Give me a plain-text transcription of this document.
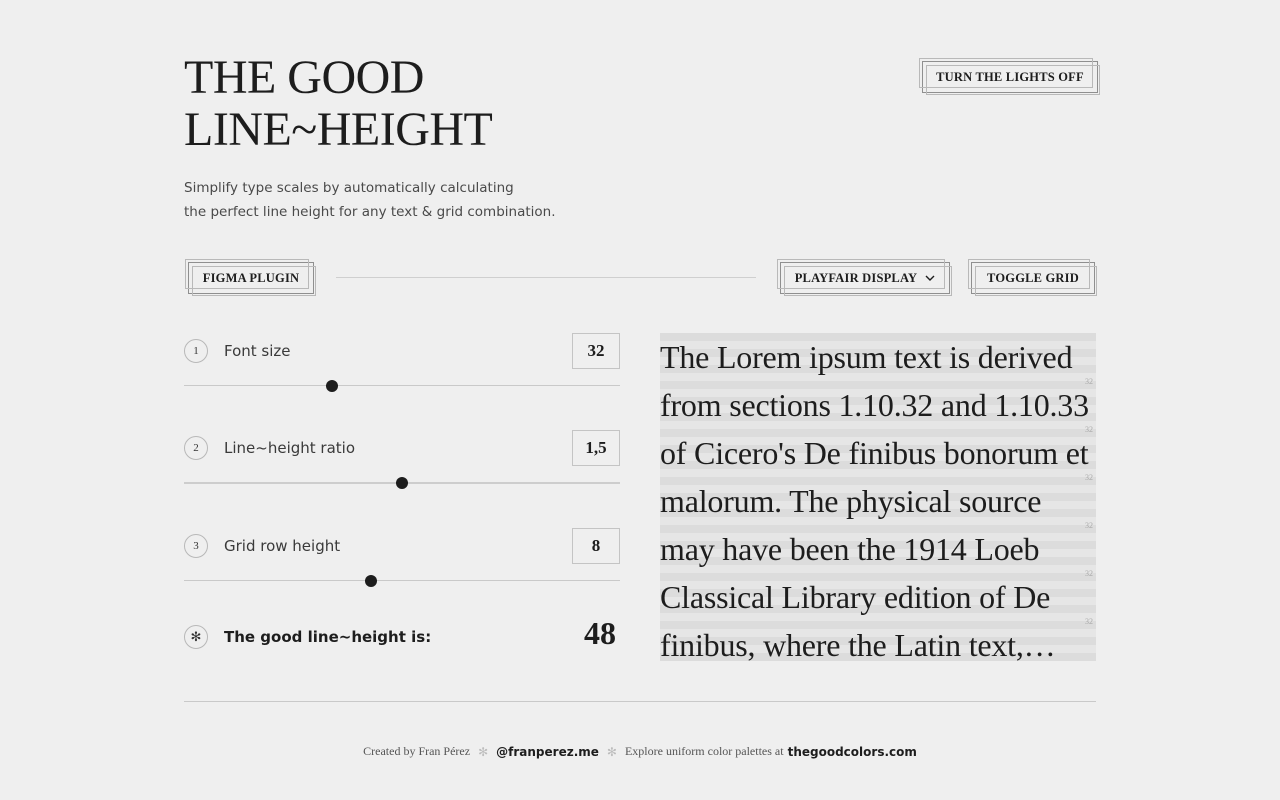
THE GOOD
LINE~HEIGHT

Simplify type scales by automatically calculating
the perfect line height for any text & grid combination.

TURN THE LIGHTS OFF
FIGMA PLUGIN	PLAYFAIR DISPLAY	TOGGLE GRID
1	Font size	32
2	Line~height ratio	1,5
3	Grid row height	8
✻	The good line~height is:	48
32
32
32
32
32
32
The Lorem ipsum text is derived
from sections 1.10.32 and 1.10.33
of Cicero's De finibus bonorum et
malorum. The physical source
may have been the 1914 Loeb
Classical Library edition of De
finibus, where the Latin text,…
Created by Fran Pérez ✻ @franperez.me ✻ Explore uniform color palettes at thegoodcolors.com
